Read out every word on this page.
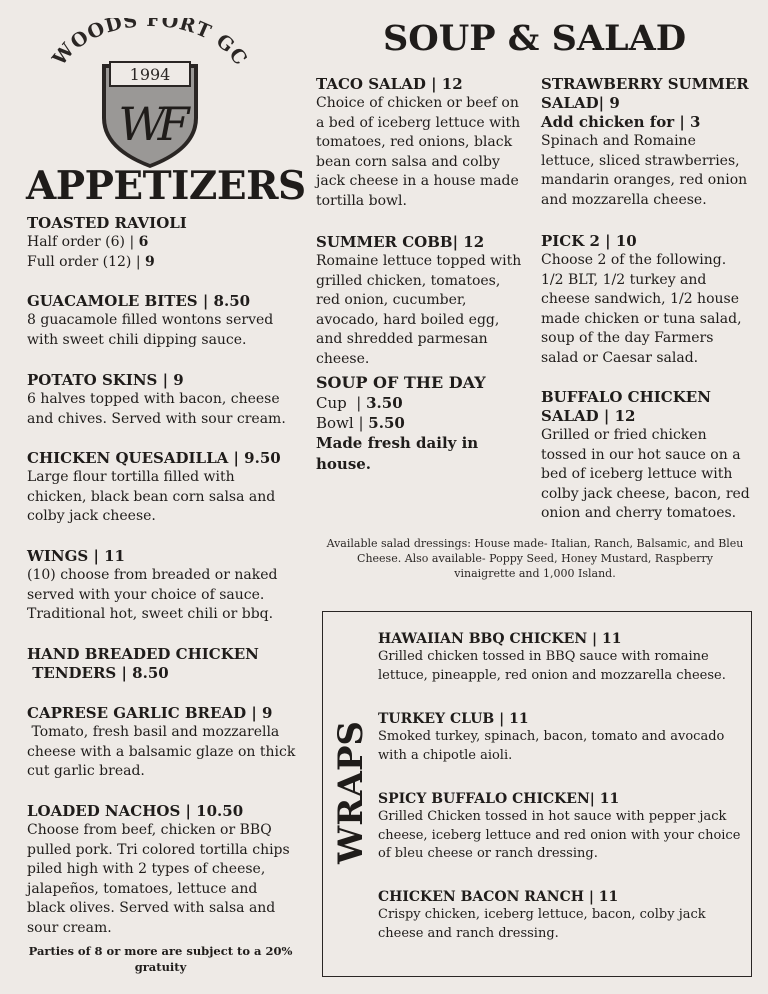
WOODS FORT GC
1994
WF
APPETIZERS
TOASTED RAVIOLI
Half order (6) | 6
Full order (12) | 9
GUACAMOLE BITES | 8.50
8 guacamole filled wontons served with sweet chili dipping sauce.
POTATO SKINS | 9
6 halves topped with bacon, cheese and chives. Served with sour cream.
CHICKEN QUESADILLA | 9.50
Large flour tortilla filled with chicken, black bean corn salsa and colby jack cheese.
WINGS | 11
(10) choose from breaded or naked served with your choice of sauce. Traditional hot, sweet chili or bbq.
HAND BREADED CHICKEN
TENDERS | 8.50
CAPRESE GARLIC BREAD | 9
Tomato, fresh basil and mozzarella cheese with a balsamic glaze on thick cut garlic bread.
LOADED NACHOS | 10.50
Choose from beef, chicken or BBQ pulled pork. Tri colored tortilla chips piled high with 2 types of cheese, jalapeños, tomatoes, lettuce and black olives. Served with salsa and sour cream.
Parties of 8 or more are subject to a 20% gratuity
SOUP & SALAD
TACO SALAD | 12
Choice of chicken or beef on a bed of iceberg lettuce with tomatoes, red onions, black bean corn salsa and colby jack cheese in a house made tortilla bowl.
SUMMER COBB| 12
Romaine lettuce topped with grilled chicken, tomatoes, red onion, cucumber, avocado, hard boiled egg, and shredded parmesan cheese.
SOUP OF THE DAY
Cup  | 3.50
Bowl | 5.50
Made fresh daily in house.
STRAWBERRY SUMMER
SALAD| 9
Add chicken for | 3
Spinach and Romaine lettuce, sliced strawberries, mandarin oranges, red onion and mozzarella cheese.
PICK 2 | 10
Choose 2 of the following. 1/2 BLT, 1/2 turkey and cheese sandwich, 1/2 house made chicken or tuna salad, soup of the day Farmers salad or Caesar salad.
BUFFALO CHICKEN
SALAD | 12
Grilled or fried chicken tossed in our hot sauce on a bed of iceberg lettuce with colby jack cheese, bacon, red onion and cherry tomatoes.
Available salad dressings: House made- Italian, Ranch, Balsamic, and Bleu Cheese. Also available- Poppy Seed, Honey Mustard, Raspberry vinaigrette and 1,000 Island.
WRAPS
HAWAIIAN BBQ CHICKEN | 11
Grilled chicken tossed in BBQ sauce with romaine lettuce, pineapple, red onion and mozzarella cheese.
TURKEY CLUB | 11
Smoked turkey, spinach, bacon, tomato and avocado with a chipotle aioli.
SPICY BUFFALO CHICKEN| 11
Grilled Chicken tossed in hot sauce with pepper jack cheese, iceberg lettuce and red onion with your choice of bleu cheese or ranch dressing.
CHICKEN BACON RANCH | 11
Crispy chicken, iceberg lettuce, bacon, colby jack cheese and ranch dressing.
